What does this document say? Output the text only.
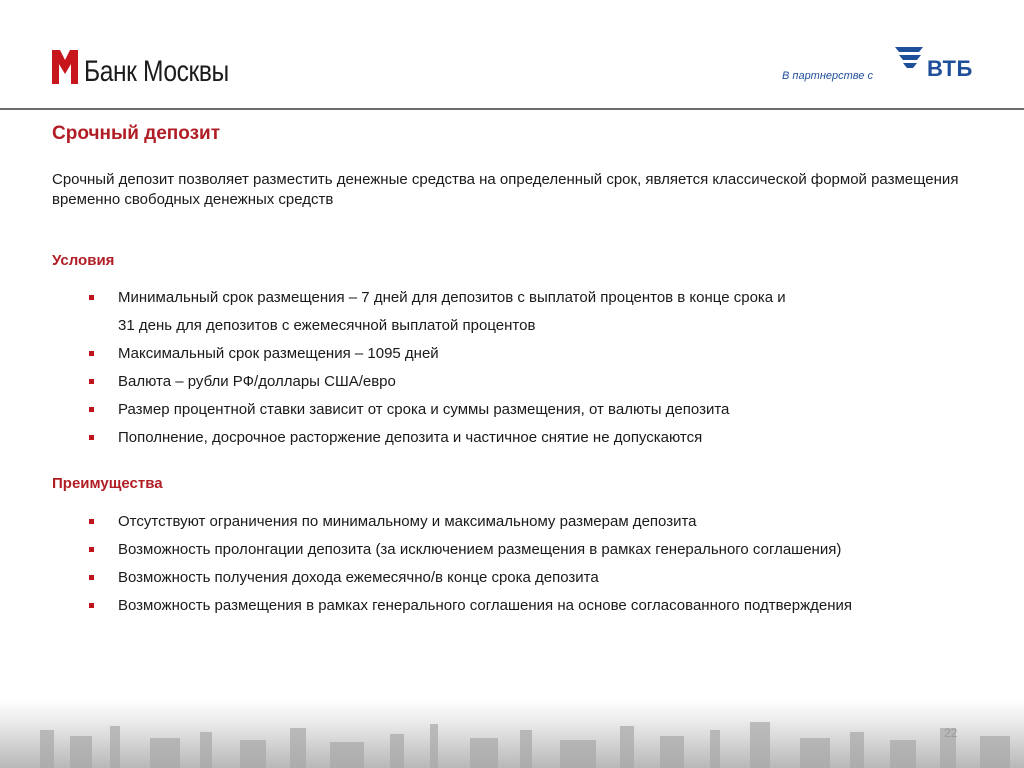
Банк Москвы	В партнерстве с ВТБ
Срочный депозит
Срочный депозит позволяет разместить денежные средства на определенный срок, является классической формой размещения временно свободных денежных средств
Условия
Минимальный срок размещения – 7 дней для депозитов с выплатой процентов в конце срока и
31 день для депозитов с ежемесячной выплатой процентов
Максимальный срок размещения – 1095 дней
Валюта – рубли РФ/доллары США/евро
Размер процентной ставки зависит от срока и суммы размещения, от валюты депозита
Пополнение, досрочное расторжение депозита и частичное снятие не допускаются
Преимущества
Отсутствуют ограничения по минимальному и максимальному размерам депозита
Возможность пролонгации депозита (за исключением размещения в рамках генерального соглашения)
Возможность получения дохода ежемесячно/в конце срока депозита
Возможность размещения в рамках генерального соглашения на основе согласованного подтверждения
22
